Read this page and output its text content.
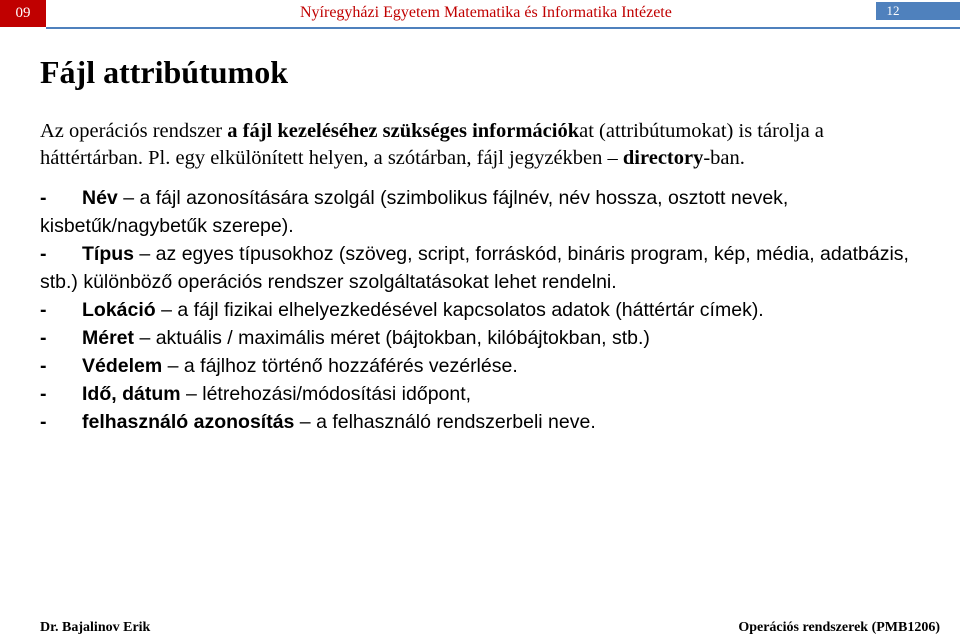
09	Nyíregyházi Egyetem Matematika és Informatika Intézete	12
Fájl attribútumok
Az operációs rendszer a fájl kezeléséhez szükséges információkat (attribútumokat) is tárolja a háttértárban. Pl. egy elkülönített helyen, a szótárban, fájl jegyzékben – directory-ban.

- Név – a fájl azonosítására szolgál (szimbolikus fájlnév, név hossza, osztott nevek, kisbetűk/nagybetűk szerepe).

- Típus – az egyes típusokhoz (szöveg, script, forráskód, bináris program, kép, média, adatbázis, stb.) különböző operációs rendszer szolgáltatásokat lehet rendelni.

- Lokáció – a fájl fizikai elhelyezkedésével kapcsolatos adatok (háttértár címek).

- Méret – aktuális / maximális méret (bájtokban, kilóbájtokban, stb.)

- Védelem – a fájlhoz történő hozzáférés vezérlése.

- Idő, dátum – létrehozási/módosítási időpont,

- felhasználó azonosítás – a felhasználó rendszerbeli neve.

Dr. Bajalinov Erik	Operációs rendszerek (PMB1206)
